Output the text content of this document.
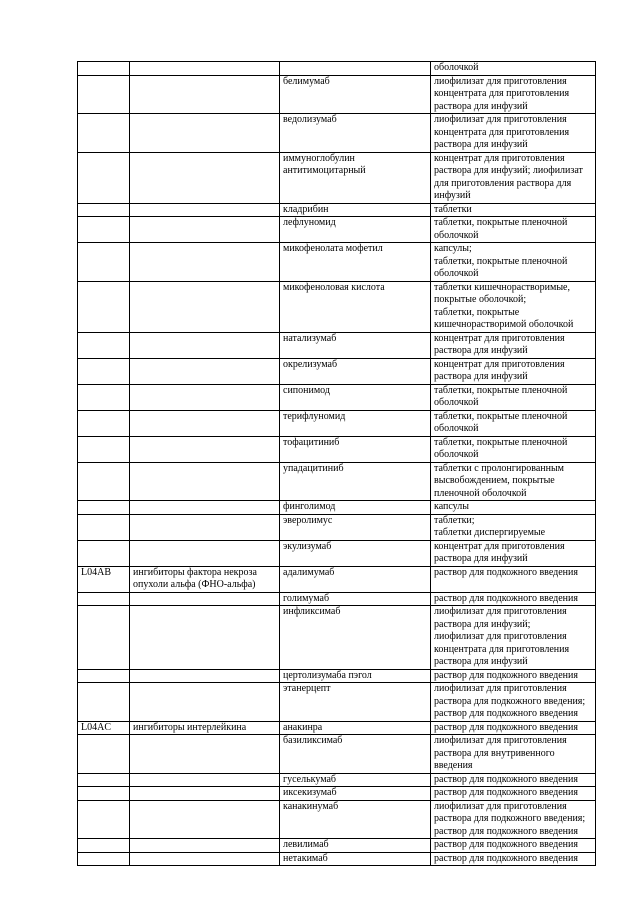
			оболочкой

		белимумаб	лиофилизат для приготовления
концентрата для приготовления
раствора для инфузий

		ведолизумаб	лиофилизат для приготовления
концентрата для приготовления
раствора для инфузий

		иммуноглобулин
антитимоцитарный	концентрат для приготовления
раствора для инфузий; лиофилизат
для приготовления раствора для
инфузий

		кладрибин	таблетки

		лефлуномид	таблетки, покрытые пленочной
оболочкой

		микофенолата мофетил	капсулы;
таблетки, покрытые пленочной
оболочкой

		микофеноловая кислота	таблетки кишечнорастворимые,
покрытые оболочкой;
таблетки, покрытые
кишечнорастворимой оболочкой

		натализумаб	концентрат для приготовления
раствора для инфузий

		окрелизумаб	концентрат для приготовления
раствора для инфузий

		сипонимод	таблетки, покрытые пленочной
оболочкой

		терифлуномид	таблетки, покрытые пленочной
оболочкой

		тофацитиниб	таблетки, покрытые пленочной
оболочкой

		упадацитиниб	таблетки с пролонгированным
высвобождением, покрытые
пленочной оболочкой

		финголимод	капсулы

		эверолимус	таблетки;
таблетки диспергируемые

		экулизумаб	концентрат для приготовления
раствора для инфузий

L04AB	ингибиторы фактора некроза
опухоли альфа (ФНО-альфа)	адалимумаб	раствор для подкожного введения

		голимумаб	раствор для подкожного введения

		инфликсимаб	лиофилизат для приготовления
раствора для инфузий;
лиофилизат для приготовления
концентрата для приготовления
раствора для инфузий

		цертолизумаба пэгол	раствор для подкожного введения

		этанерцепт	лиофилизат для приготовления
раствора для подкожного введения;
раствор для подкожного введения

L04AC	ингибиторы интерлейкина	анакинра	раствор для подкожного введения

		базиликсимаб	лиофилизат для приготовления
раствора для внутривенного
введения

		гуселькумаб	раствор для подкожного введения

		иксекизумаб	раствор для подкожного введения

		канакинумаб	лиофилизат для приготовления
раствора для подкожного введения;
раствор для подкожного введения

		левилимаб	раствор для подкожного введения

		нетакимаб	раствор для подкожного введения
